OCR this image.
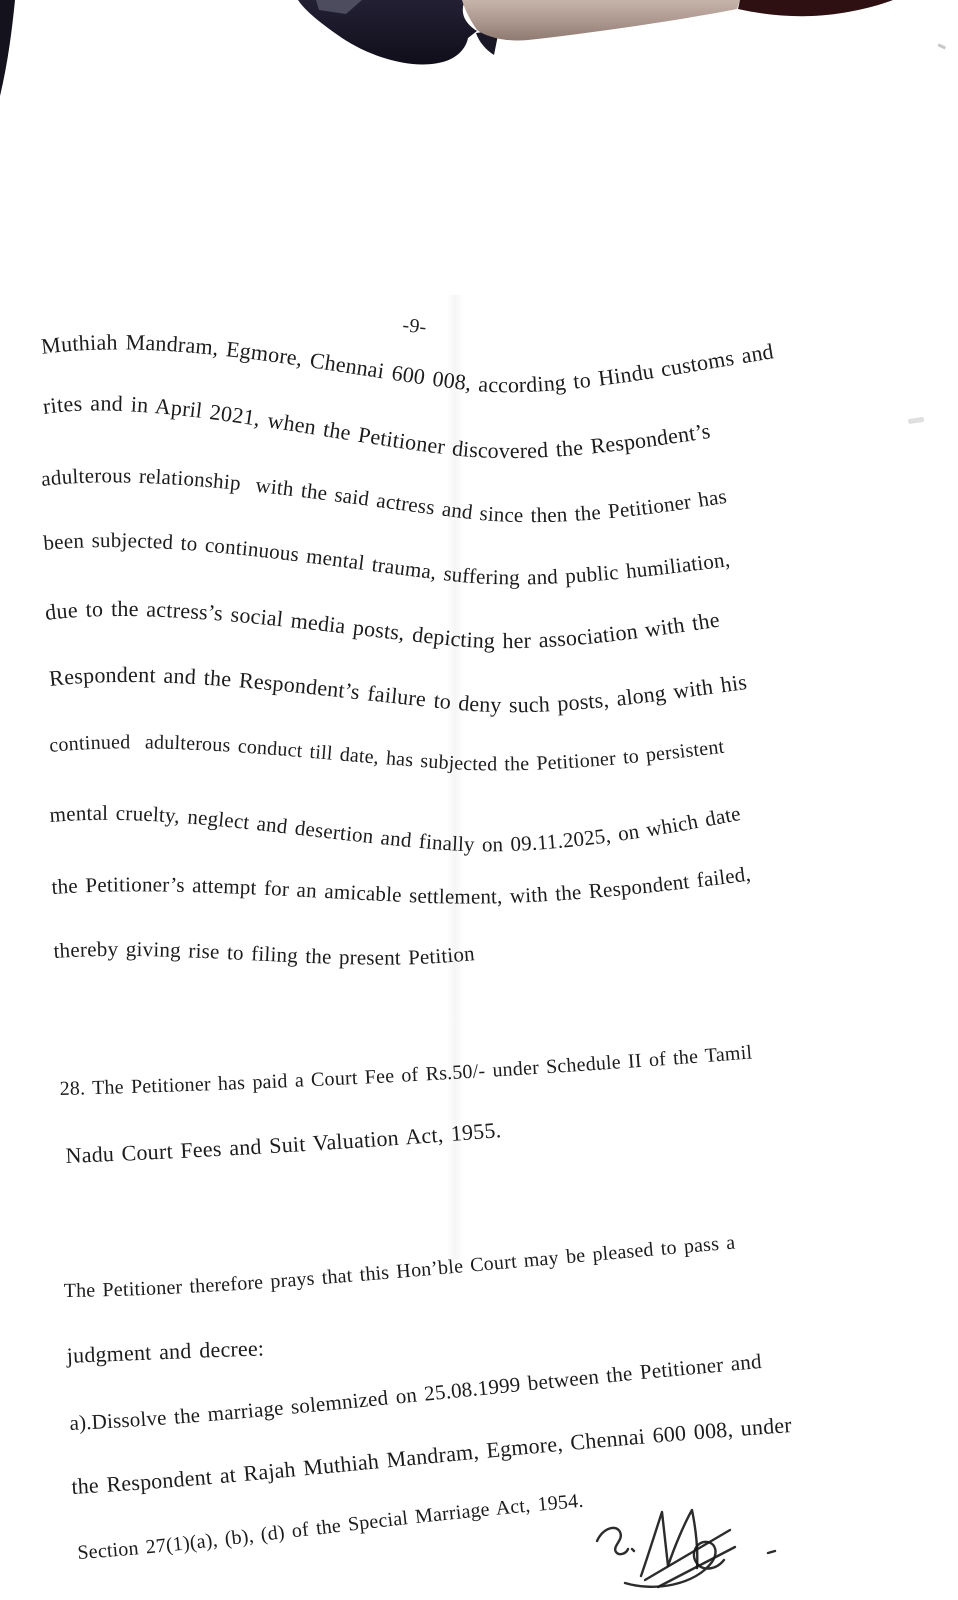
-9-
Muthiah Mandram, Egmore, Chennai 600 008, according to Hindu customs and
rites and in April 2021, when the Petitioner discovered the Respondent’s
adulterous relationship  with the said actress and since then the Petitioner has
been subjected to continuous mental trauma, suffering and public humiliation,
due to the actress’s social media posts, depicting her association with the
Respondent and the Respondent’s failure to deny such posts, along with his
continued  adulterous conduct till date, has subjected the Petitioner to persistent
mental cruelty, neglect and desertion and finally on 09.11.2025, on which date
the Petitioner’s attempt for an amicable settlement, with the Respondent failed,
thereby giving rise to filing the present Petition
28. The Petitioner has paid a Court Fee of Rs.50/- under Schedule II of the Tamil
Nadu Court Fees and Suit Valuation Act, 1955.
The Petitioner therefore prays that this Hon’ble Court may be pleased to pass a
judgment and decree:
a).Dissolve the marriage solemnized on 25.08.1999 between the Petitioner and
the Respondent at Rajah Muthiah Mandram, Egmore, Chennai 600 008, under
Section 27(1)(a), (b), (d) of the Special Marriage Act, 1954.
